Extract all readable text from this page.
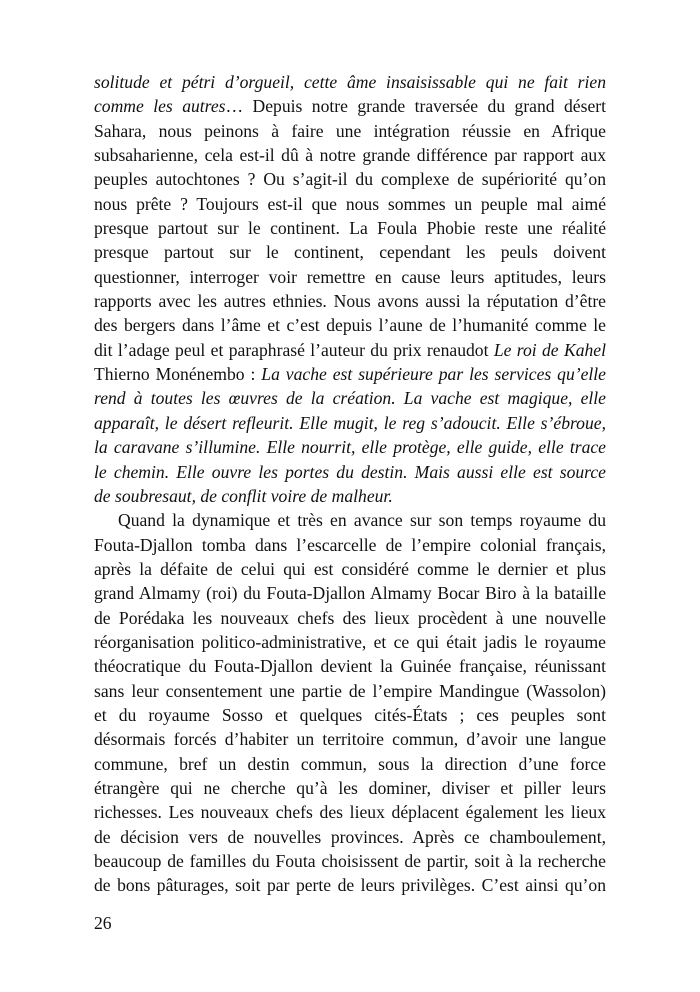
solitude et pétri d’orgueil, cette âme insaisissable qui ne fait rien
comme les autres… Depuis notre grande traversée du grand désert
Sahara, nous peinons à faire une intégration réussie en Afrique
subsaharienne, cela est-il dû à notre grande différence par rapport aux
peuples autochtones ? Ou s’agit-il du complexe de supériorité qu’on
nous prête ? Toujours est-il que nous sommes un peuple mal aimé
presque partout sur le continent. La Foula Phobie reste une réalité
presque partout sur le continent, cependant les peuls doivent
questionner, interroger voir remettre en cause leurs aptitudes, leurs
rapports avec les autres ethnies. Nous avons aussi la réputation d’être
des bergers dans l’âme et c’est depuis l’aune de l’humanité comme le
dit l’adage peul et paraphrasé l’auteur du prix renaudot Le roi de Kahel
Thierno Monénembo : La vache est supérieure par les services qu’elle
rend à toutes les œuvres de la création. La vache est magique, elle
apparaît, le désert refleurit. Elle mugit, le reg s’adoucit. Elle s’ébroue,
la caravane s’illumine. Elle nourrit, elle protège, elle guide, elle trace
le chemin. Elle ouvre les portes du destin. Mais aussi elle est source
de soubresaut, de conflit voire de malheur.
Quand la dynamique et très en avance sur son temps royaume du
Fouta-Djallon tomba dans l’escarcelle de l’empire colonial français,
après la défaite de celui qui est considéré comme le dernier et plus
grand Almamy (roi) du Fouta-Djallon Almamy Bocar Biro à la bataille
de Porédaka les nouveaux chefs des lieux procèdent à une nouvelle
réorganisation politico-administrative, et ce qui était jadis le royaume
théocratique du Fouta-Djallon devient la Guinée française, réunissant
sans leur consentement une partie de l’empire Mandingue (Wassolon)
et du royaume Sosso et quelques cités-États ; ces peuples sont
désormais forcés d’habiter un territoire commun, d’avoir une langue
commune, bref un destin commun, sous la direction d’une force
étrangère qui ne cherche qu’à les dominer, diviser et piller leurs
richesses. Les nouveaux chefs des lieux déplacent également les lieux
de décision vers de nouvelles provinces. Après ce chamboulement,
beaucoup de familles du Fouta choisissent de partir, soit à la recherche
de bons pâturages, soit par perte de leurs privilèges. C’est ainsi qu’on
26
